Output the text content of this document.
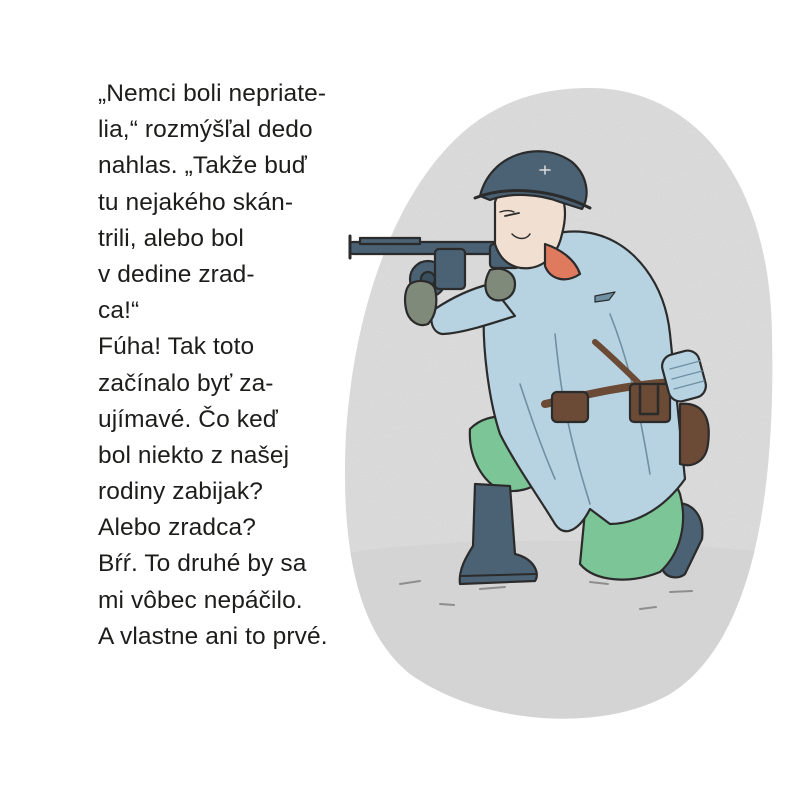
„Nemci boli nepriate-
lia,“ rozmýšľal dedo
nahlas. „Takže buď
tu nejakého skán-
trili, alebo bol
v dedine zrad-
ca!“
Fúha! Tak toto
začínalo byť za-
ujímavé. Čo keď
bol niekto z našej
rodiny zabijak?
Alebo zradca?
Bŕŕ. To druhé by sa
mi vôbec nepáčilo.
A vlastne ani to prvé.
